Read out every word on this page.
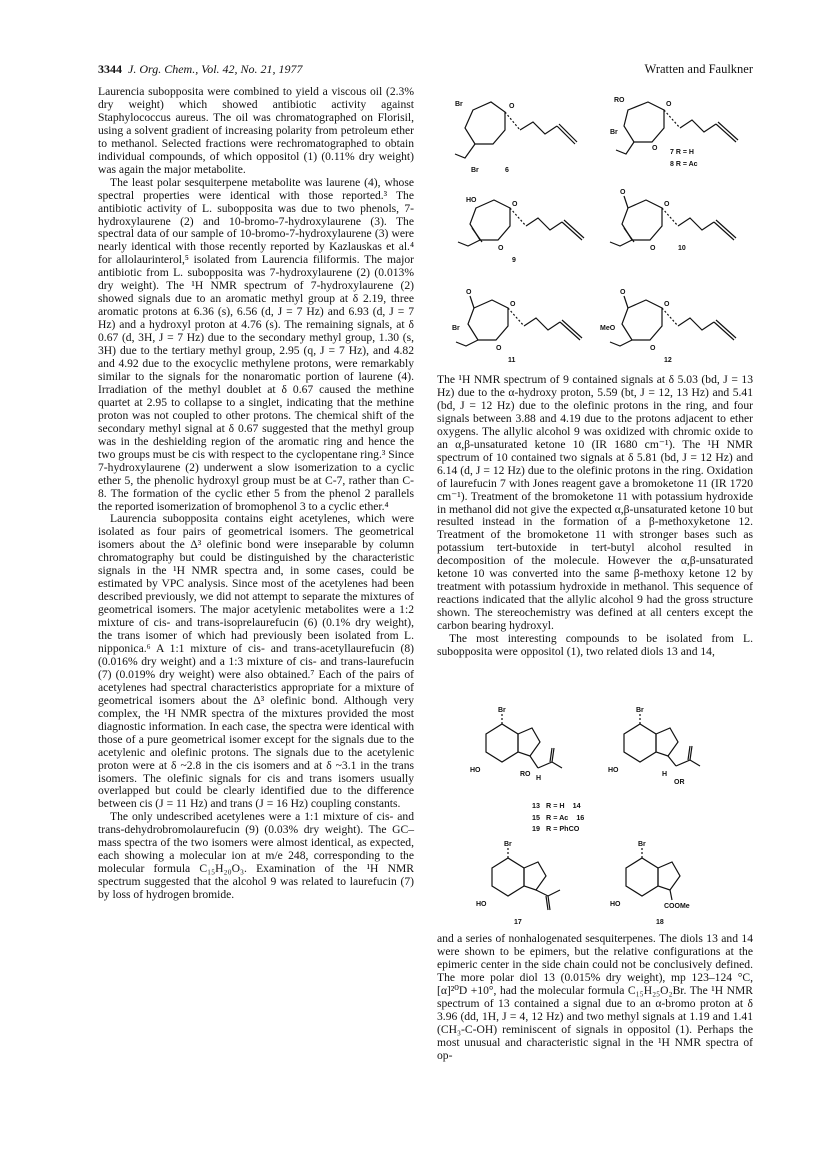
3344 J. Org. Chem., Vol. 42, No. 21, 1977	Wratten and Faulkner

Laurencia subopposita were combined to yield a viscous oil (2.3% dry weight) which showed antibiotic activity against Staphylococcus aureus. The oil was chromatographed on Florisil, using a solvent gradient of increasing polarity from petroleum ether to methanol. Selected fractions were rechromatographed to obtain individual compounds, of which oppositol (1) (0.11% dry weight) was again the major metabolite.

The least polar sesquiterpene metabolite was laurene (4), whose spectral properties were identical with those reported.³ The antibiotic activity of L. subopposita was due to two phenols, 7-hydroxylaurene (2) and 10-bromo-7-hydroxylaurene (3). The spectral data of our sample of 10-bromo-7-hydroxylaurene (3) were nearly identical with those recently reported by Kazlauskas et al.⁴ for allolaurinterol,⁵ isolated from Laurencia filiformis. The major antibiotic from L. subopposita was 7-hydroxylaurene (2) (0.013% dry weight). The ¹H NMR spectrum of 7-hydroxylaurene (2) showed signals due to an aromatic methyl group at δ 2.19, three aromatic protons at 6.36 (s), 6.56 (d, J = 7 Hz) and 6.93 (d, J = 7 Hz) and a hydroxyl proton at 4.76 (s). The remaining signals, at δ 0.67 (d, 3H, J = 7 Hz) due to the secondary methyl group, 1.30 (s, 3H) due to the tertiary methyl group, 2.95 (q, J = 7 Hz), and 4.82 and 4.92 due to the exocyclic methylene protons, were remarkably similar to the signals for the nonaromatic portion of laurene (4). Irradiation of the methyl doublet at δ 0.67 caused the methine quartet at 2.95 to collapse to a singlet, indicating that the methine proton was not coupled to other protons. The chemical shift of the secondary methyl signal at δ 0.67 suggested that the methyl group was in the deshielding region of the aromatic ring and hence the two groups must be cis with respect to the cyclopentane ring.³ Since 7-hydroxylaurene (2) underwent a slow isomerization to a cyclic ether 5, the phenolic hydroxyl group must be at C-7, rather than C-8. The formation of the cyclic ether 5 from the phenol 2 parallels the reported isomerization of bromophenol 3 to a cyclic ether.⁴

Laurencia subopposita contains eight acetylenes, which were isolated as four pairs of geometrical isomers. The geometrical isomers about the Δ³ olefinic bond were inseparable by column chromatography but could be distinguished by the characteristic signals in the ¹H NMR spectra and, in some cases, could be estimated by VPC analysis. Since most of the acetylenes had been described previously, we did not attempt to separate the mixtures of geometrical isomers. The major acetylenic metabolites were a 1:2 mixture of cis- and trans-isoprelaurefucin (6) (0.1% dry weight), the trans isomer of which had previously been isolated from L. nipponica.⁶ A 1:1 mixture of cis- and trans-acetyllaurefucin (8) (0.016% dry weight) and a 1:3 mixture of cis- and trans-laurefucin (7) (0.019% dry weight) were also obtained.⁷ Each of the pairs of acetylenes had spectral characteristics appropriate for a mixture of geometrical isomers about the Δ³ olefinic bond. Although very complex, the ¹H NMR spectra of the mixtures provided the most diagnostic information. In each case, the spectra were identical with those of a pure geometrical isomer except for the signals due to the acetylenic and olefinic protons. The signals due to the acetylenic proton were at δ ~2.8 in the cis isomers and at δ ~3.1 in the trans isomers. The olefinic signals for cis and trans isomers usually overlapped but could be clearly identified due to the difference between cis (J = 11 Hz) and trans (J = 16 Hz) coupling constants.

The only undescribed acetylenes were a 1:1 mixture of cis- and trans-dehydrobromolaurefucin (9) (0.03% dry weight). The GC–mass spectra of the two isomers were almost identical, as expected, each showing a molecular ion at m/e 248, corresponding to the molecular formula C₁₅H₂₀O₃. Examination of the ¹H NMR spectrum suggested that the alcohol 9 was related to laurefucin (7) by loss of hydrogen bromide.

Br	O
Br	6
RO
O
Br
O
7 R = H
8 R = Ac
HO
O
O
9
O
O
O	10
O
O
Br
O
11
O
O
MeO
O
12

The ¹H NMR spectrum of 9 contained signals at δ 5.03 (bd, J = 13 Hz) due to the α-hydroxy proton, 5.59 (bt, J = 12, 13 Hz) and 5.41 (bd, J = 12 Hz) due to the olefinic protons in the ring, and four signals between 3.88 and 4.19 due to the protons adjacent to ether oxygens. The allylic alcohol 9 was oxidized with chromic oxide to an α,β-unsaturated ketone 10 (IR 1680 cm⁻¹). The ¹H NMR spectrum of 10 contained two signals at δ 5.81 (bd, J = 12 Hz) and 6.14 (d, J = 12 Hz) due to the olefinic protons in the ring. Oxidation of laurefucin 7 with Jones reagent gave a bromoketone 11 (IR 1720 cm⁻¹). Treatment of the bromoketone 11 with potassium hydroxide in methanol did not give the expected α,β-unsaturated ketone 10 but resulted instead in the formation of a β-methoxyketone 12. Treatment of the bromoketone 11 with stronger bases such as potassium tert-butoxide in tert-butyl alcohol resulted in decomposition of the molecule. However the α,β-unsaturated ketone 10 was converted into the same β-methoxy ketone 12 by treatment with potassium hydroxide in methanol. This sequence of reactions indicated that the allylic alcohol 9 had the gross structure shown. The stereochemistry was defined at all centers except the carbon bearing hydroxyl.

The most interesting compounds to be isolated from L. subopposita were oppositol (1), two related diols 13 and 14,

Br
HO
RO
H
Br
HO
H
OR
13 R = H 14
15 R = Ac 16
19 R = PhCO
Br
HO
17
Br
HO	COOMe
18

and a series of nonhalogenated sesquiterpenes. The diols 13 and 14 were shown to be epimers, but the relative configurations at the epimeric center in the side chain could not be conclusively defined. The more polar diol 13 (0.015% dry weight), mp 123–124 °C, [α]²⁰D +10°, had the molecular formula C₁₅H₂₅O₂Br. The ¹H NMR spectrum of 13 contained a signal due to an α-bromo proton at δ 3.96 (dd, 1H, J = 4, 12 Hz) and two methyl signals at 1.19 and 1.41 (CH₃-C-OH) reminiscent of signals in oppositol (1). Perhaps the most unusual and characteristic signal in the ¹H NMR spectra of op-
